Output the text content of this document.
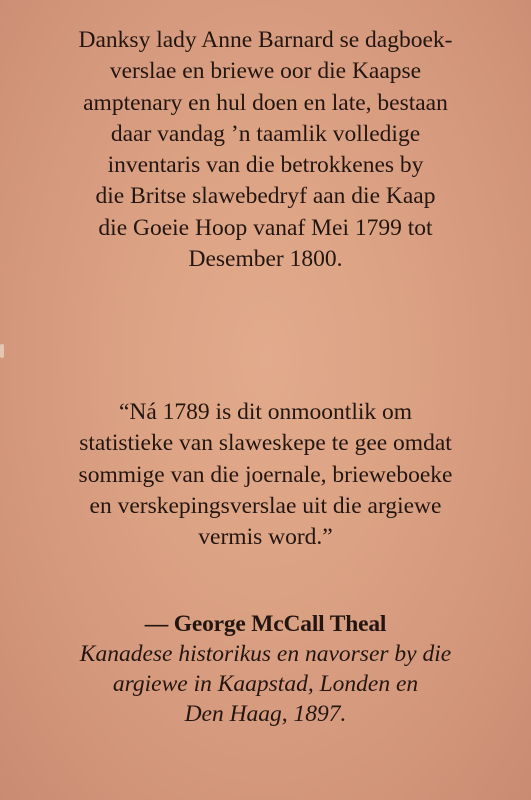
Danksy lady Anne Barnard se dagboek-
verslae en briewe oor die Kaapse
amptenary en hul doen en late, bestaan
daar vandag ’n taamlik volledige
inventaris van die betrokkenes by
die Britse slawebedryf aan die Kaap
die Goeie Hoop vanaf Mei 1799 tot
Desember 1800.
“Ná 1789 is dit onmoontlik om
statistieke van slaweskepe te gee omdat
sommige van die joernale, brieweboeke
en verskepingsverslae uit die argiewe
vermis word.”
— George McCall Theal
Kanadese historikus en navorser by die
argiewe in Kaapstad, Londen en
Den Haag, 1897.
